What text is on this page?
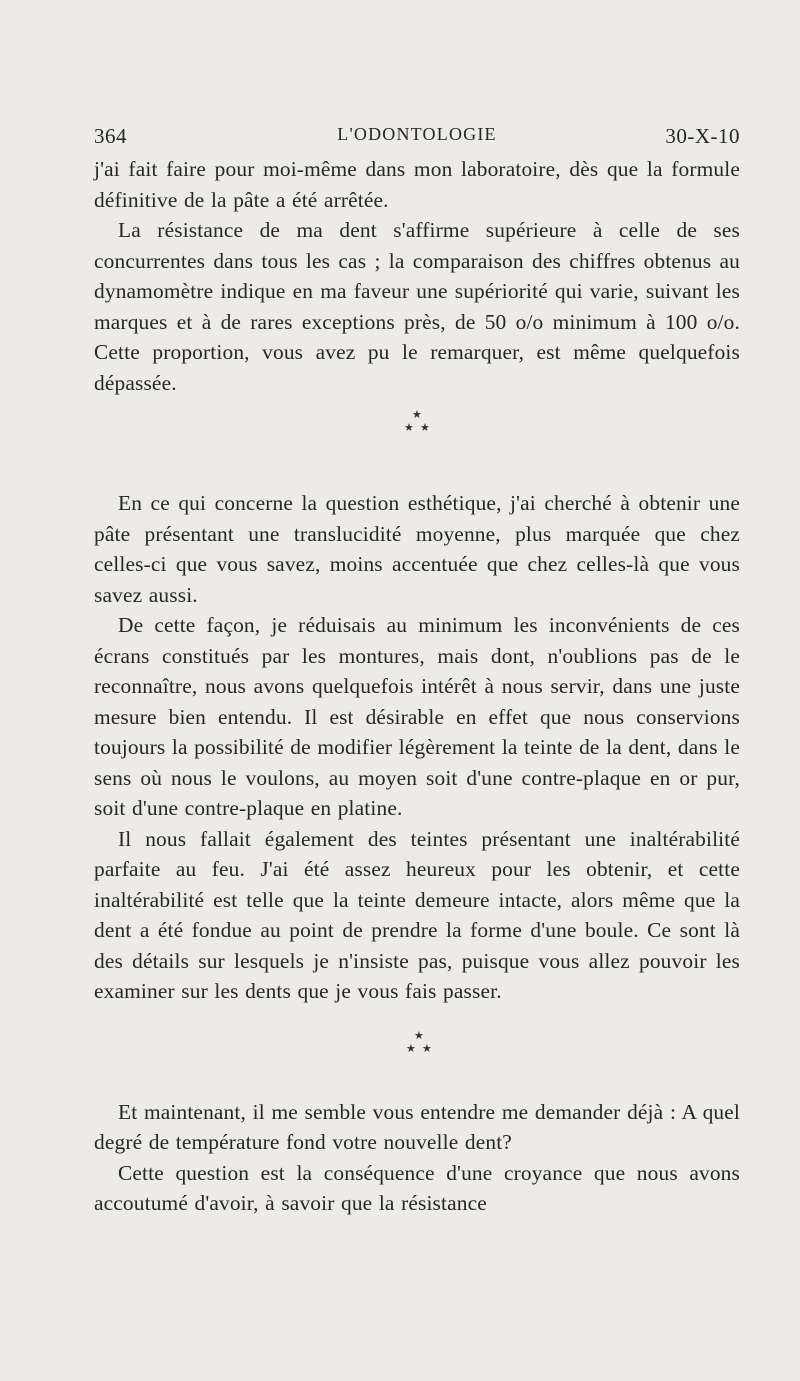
364	L'ODONTOLOGIE	30-X-10

j'ai fait faire pour moi-même dans mon laboratoire, dès que la formule définitive de la pâte a été arrêtée.

La résistance de ma dent s'affirme supérieure à celle de ses concurrentes dans tous les cas ; la comparaison des chiffres obtenus au dynamomètre indique en ma faveur une supériorité qui varie, suivant les marques et à de rares exceptions près, de 50 o/o minimum à 100 o/o. Cette proportion, vous avez pu le remarquer, est même quelquefois dépassée.

★
★ ★

En ce qui concerne la question esthétique, j'ai cherché à obtenir une pâte présentant une translucidité moyenne, plus marquée que chez celles-ci que vous savez, moins accentuée que chez celles-là que vous savez aussi.

De cette façon, je réduisais au minimum les inconvénients de ces écrans constitués par les montures, mais dont, n'oublions pas de le reconnaître, nous avons quelquefois intérêt à nous servir, dans une juste mesure bien entendu. Il est désirable en effet que nous conservions toujours la possibilité de modifier légèrement la teinte de la dent, dans le sens où nous le voulons, au moyen soit d'une contre-plaque en or pur, soit d'une contre-plaque en platine.

Il nous fallait également des teintes présentant une inaltérabilité parfaite au feu. J'ai été assez heureux pour les obtenir, et cette inaltérabilité est telle que la teinte demeure intacte, alors même que la dent a été fondue au point de prendre la forme d'une boule. Ce sont là des détails sur lesquels je n'insiste pas, puisque vous allez pouvoir les examiner sur les dents que je vous fais passer.

★
★ ★

Et maintenant, il me semble vous entendre me demander déjà : A quel degré de température fond votre nouvelle dent?

Cette question est la conséquence d'une croyance que nous avons accoutumé d'avoir, à savoir que la résistance
